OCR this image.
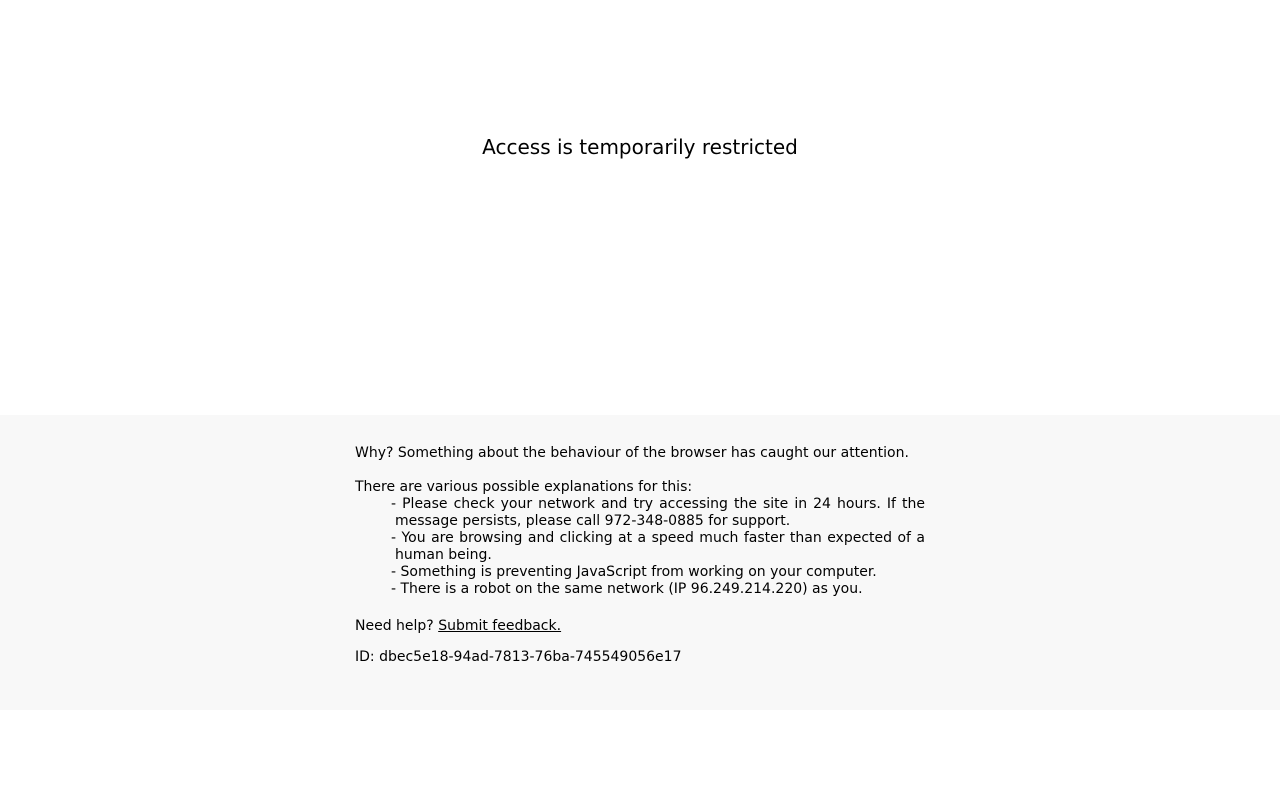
Access is temporarily restricted

Why? Something about the behaviour of the browser has caught our attention.

There are various possible explanations for this:

- Please check your network and try accessing the site in 24 hours. If the message persists, please call 972-348-0885 for support.
- You are browsing and clicking at a speed much faster than expected of a human being.
- Something is preventing JavaScript from working on your computer.
- There is a robot on the same network (IP 96.249.214.220) as you.

Need help? Submit feedback.

ID: dbec5e18-94ad-7813-76ba-745549056e17
